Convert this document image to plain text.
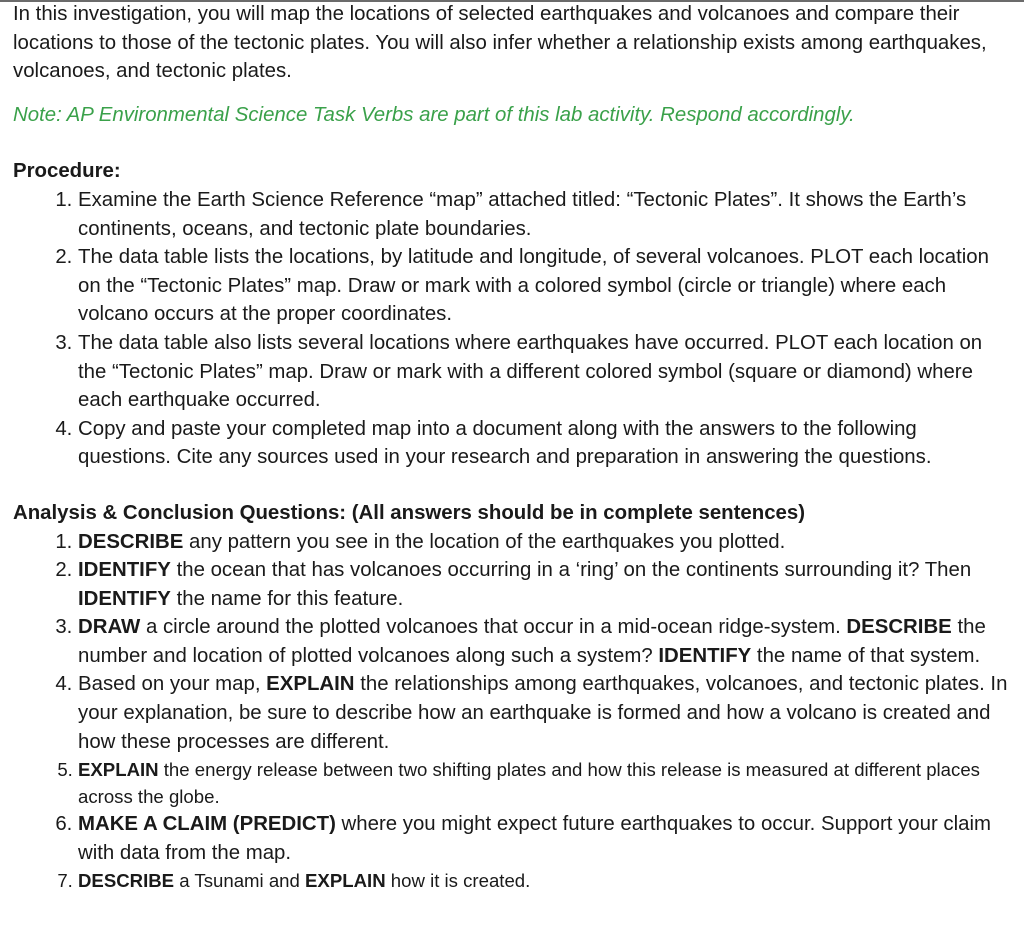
In this investigation, you will map the locations of selected earthquakes and volcanoes and compare their locations to those of the tectonic plates. You will also infer whether a relationship exists among earthquakes, volcanoes, and tectonic plates.

Note: AP Environmental Science Task Verbs are part of this lab activity. Respond accordingly.

Procedure:

1. Examine the Earth Science Reference “map” attached titled: “Tectonic Plates”. It shows the Earth’s continents, oceans, and tectonic plate boundaries.
2. The data table lists the locations, by latitude and longitude, of several volcanoes. PLOT each location on the “Tectonic Plates” map. Draw or mark with a colored symbol (circle or triangle) where each volcano occurs at the proper coordinates.
3. The data table also lists several locations where earthquakes have occurred. PLOT each location on the “Tectonic Plates” map. Draw or mark with a different colored symbol (square or diamond) where each earthquake occurred.
4. Copy and paste your completed map into a document along with the answers to the following questions. Cite any sources used in your research and preparation in answering the questions.

Analysis & Conclusion Questions: (All answers should be in complete sentences)

1. DESCRIBE any pattern you see in the location of the earthquakes you plotted.
2. IDENTIFY the ocean that has volcanoes occurring in a ‘ring’ on the continents surrounding it? Then IDENTIFY the name for this feature.
3. DRAW a circle around the plotted volcanoes that occur in a mid-ocean ridge-system. DESCRIBE the number and location of plotted volcanoes along such a system? IDENTIFY the name of that system.
4. Based on your map, EXPLAIN the relationships among earthquakes, volcanoes, and tectonic plates. In your explanation, be sure to describe how an earthquake is formed and how a volcano is created and how these processes are different.
5. EXPLAIN the energy release between two shifting plates and how this release is measured at different places across the globe.
6. MAKE A CLAIM (PREDICT) where you might expect future earthquakes to occur. Support your claim with data from the map.
7. DESCRIBE a Tsunami and EXPLAIN how it is created.
